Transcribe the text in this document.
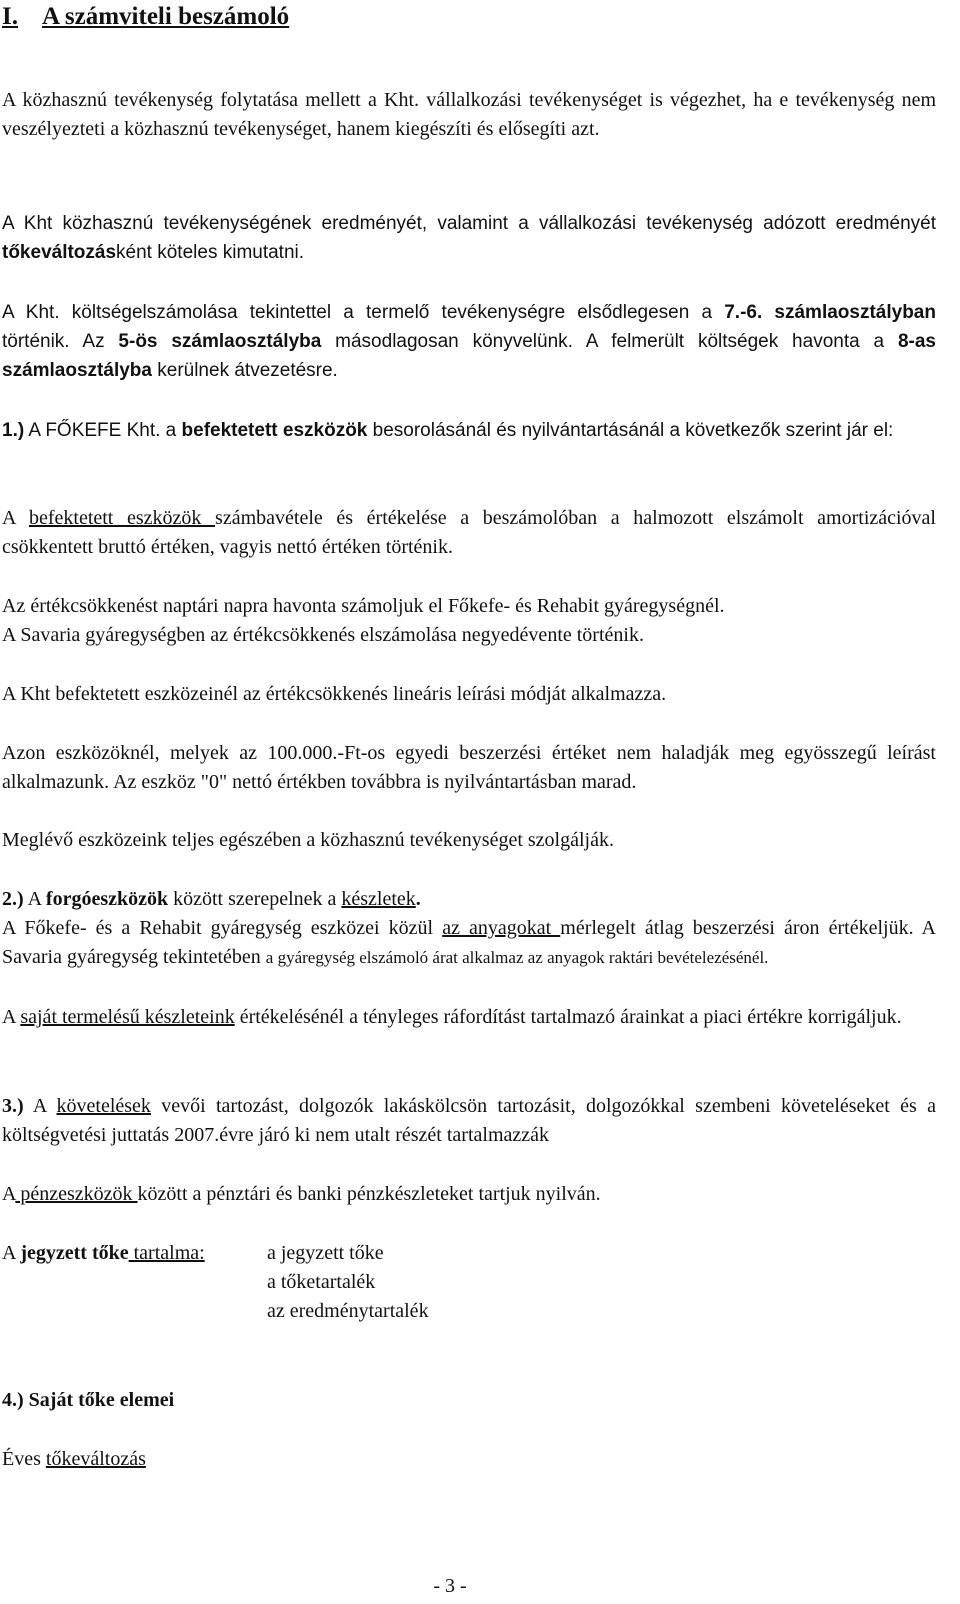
I. A számviteli beszámoló

A közhasznú tevékenység folytatása mellett a Kht. vállalkozási tevékenységet is végezhet, ha e tevékenység nem veszélyezteti a közhasznú tevékenységet, hanem kiegészíti és elősegíti azt.

A Kht közhasznú tevékenységének eredményét, valamint a vállalkozási tevékenység adózott eredményét tőkeváltozásként köteles kimutatni.

A Kht. költségelszámolása tekintettel a termelő tevékenységre elsődlegesen a 7.-6. számlaosztályban történik. Az 5-ös számlaosztályba másodlagosan könyvelünk. A felmerült költségek havonta a 8-as számlaosztályba kerülnek átvezetésre.

1.) A FŐKEFE Kht. a befektetett eszközök besorolásánál és nyilvántartásánál a következők szerint jár el:

A befektetett eszközök számbavétele és értékelése a beszámolóban a halmozott elszámolt amortizációval csökkentett bruttó értéken, vagyis nettó értéken történik.

Az értékcsökkenést naptári napra havonta számoljuk el Főkefe- és Rehabit gyáregységnél.

A Savaria gyáregységben az értékcsökkenés elszámolása negyedévente történik.

A Kht befektetett eszközeinél az értékcsökkenés lineáris leírási módját alkalmazza.

Azon eszközöknél, melyek az 100.000.-Ft-os egyedi beszerzési értéket nem haladják meg egyösszegű leírást alkalmazunk. Az eszköz "0" nettó értékben továbbra is nyilvántartásban marad.

Meglévő eszközeink teljes egészében a közhasznú tevékenységet szolgálják.

2.) A forgóeszközök között szerepelnek a készletek.

A Főkefe- és a Rehabit gyáregység eszközei közül az anyagokat mérlegelt átlag beszerzési áron értékeljük. A Savaria gyáregység tekintetében a gyáregység elszámoló árat alkalmaz az anyagok raktári bevételezésénél.

A saját termelésű készleteink értékelésénél a tényleges ráfordítást tartalmazó árainkat a piaci értékre korrigáljuk.

3.) A követelések vevői tartozást, dolgozók lakáskölcsön tartozásit, dolgozókkal szembeni követeléseket és a költségvetési juttatás 2007.évre járó ki nem utalt részét tartalmazzák

A pénzeszközök között a pénztári és banki pénzkészleteket tartjuk nyilván.

A jegyzett tőke tartalma:	a jegyzett tőke
a tőketartalék
az eredménytartalék

4.) Saját tőke elemei

Éves tőkeváltozás

- 3 -
